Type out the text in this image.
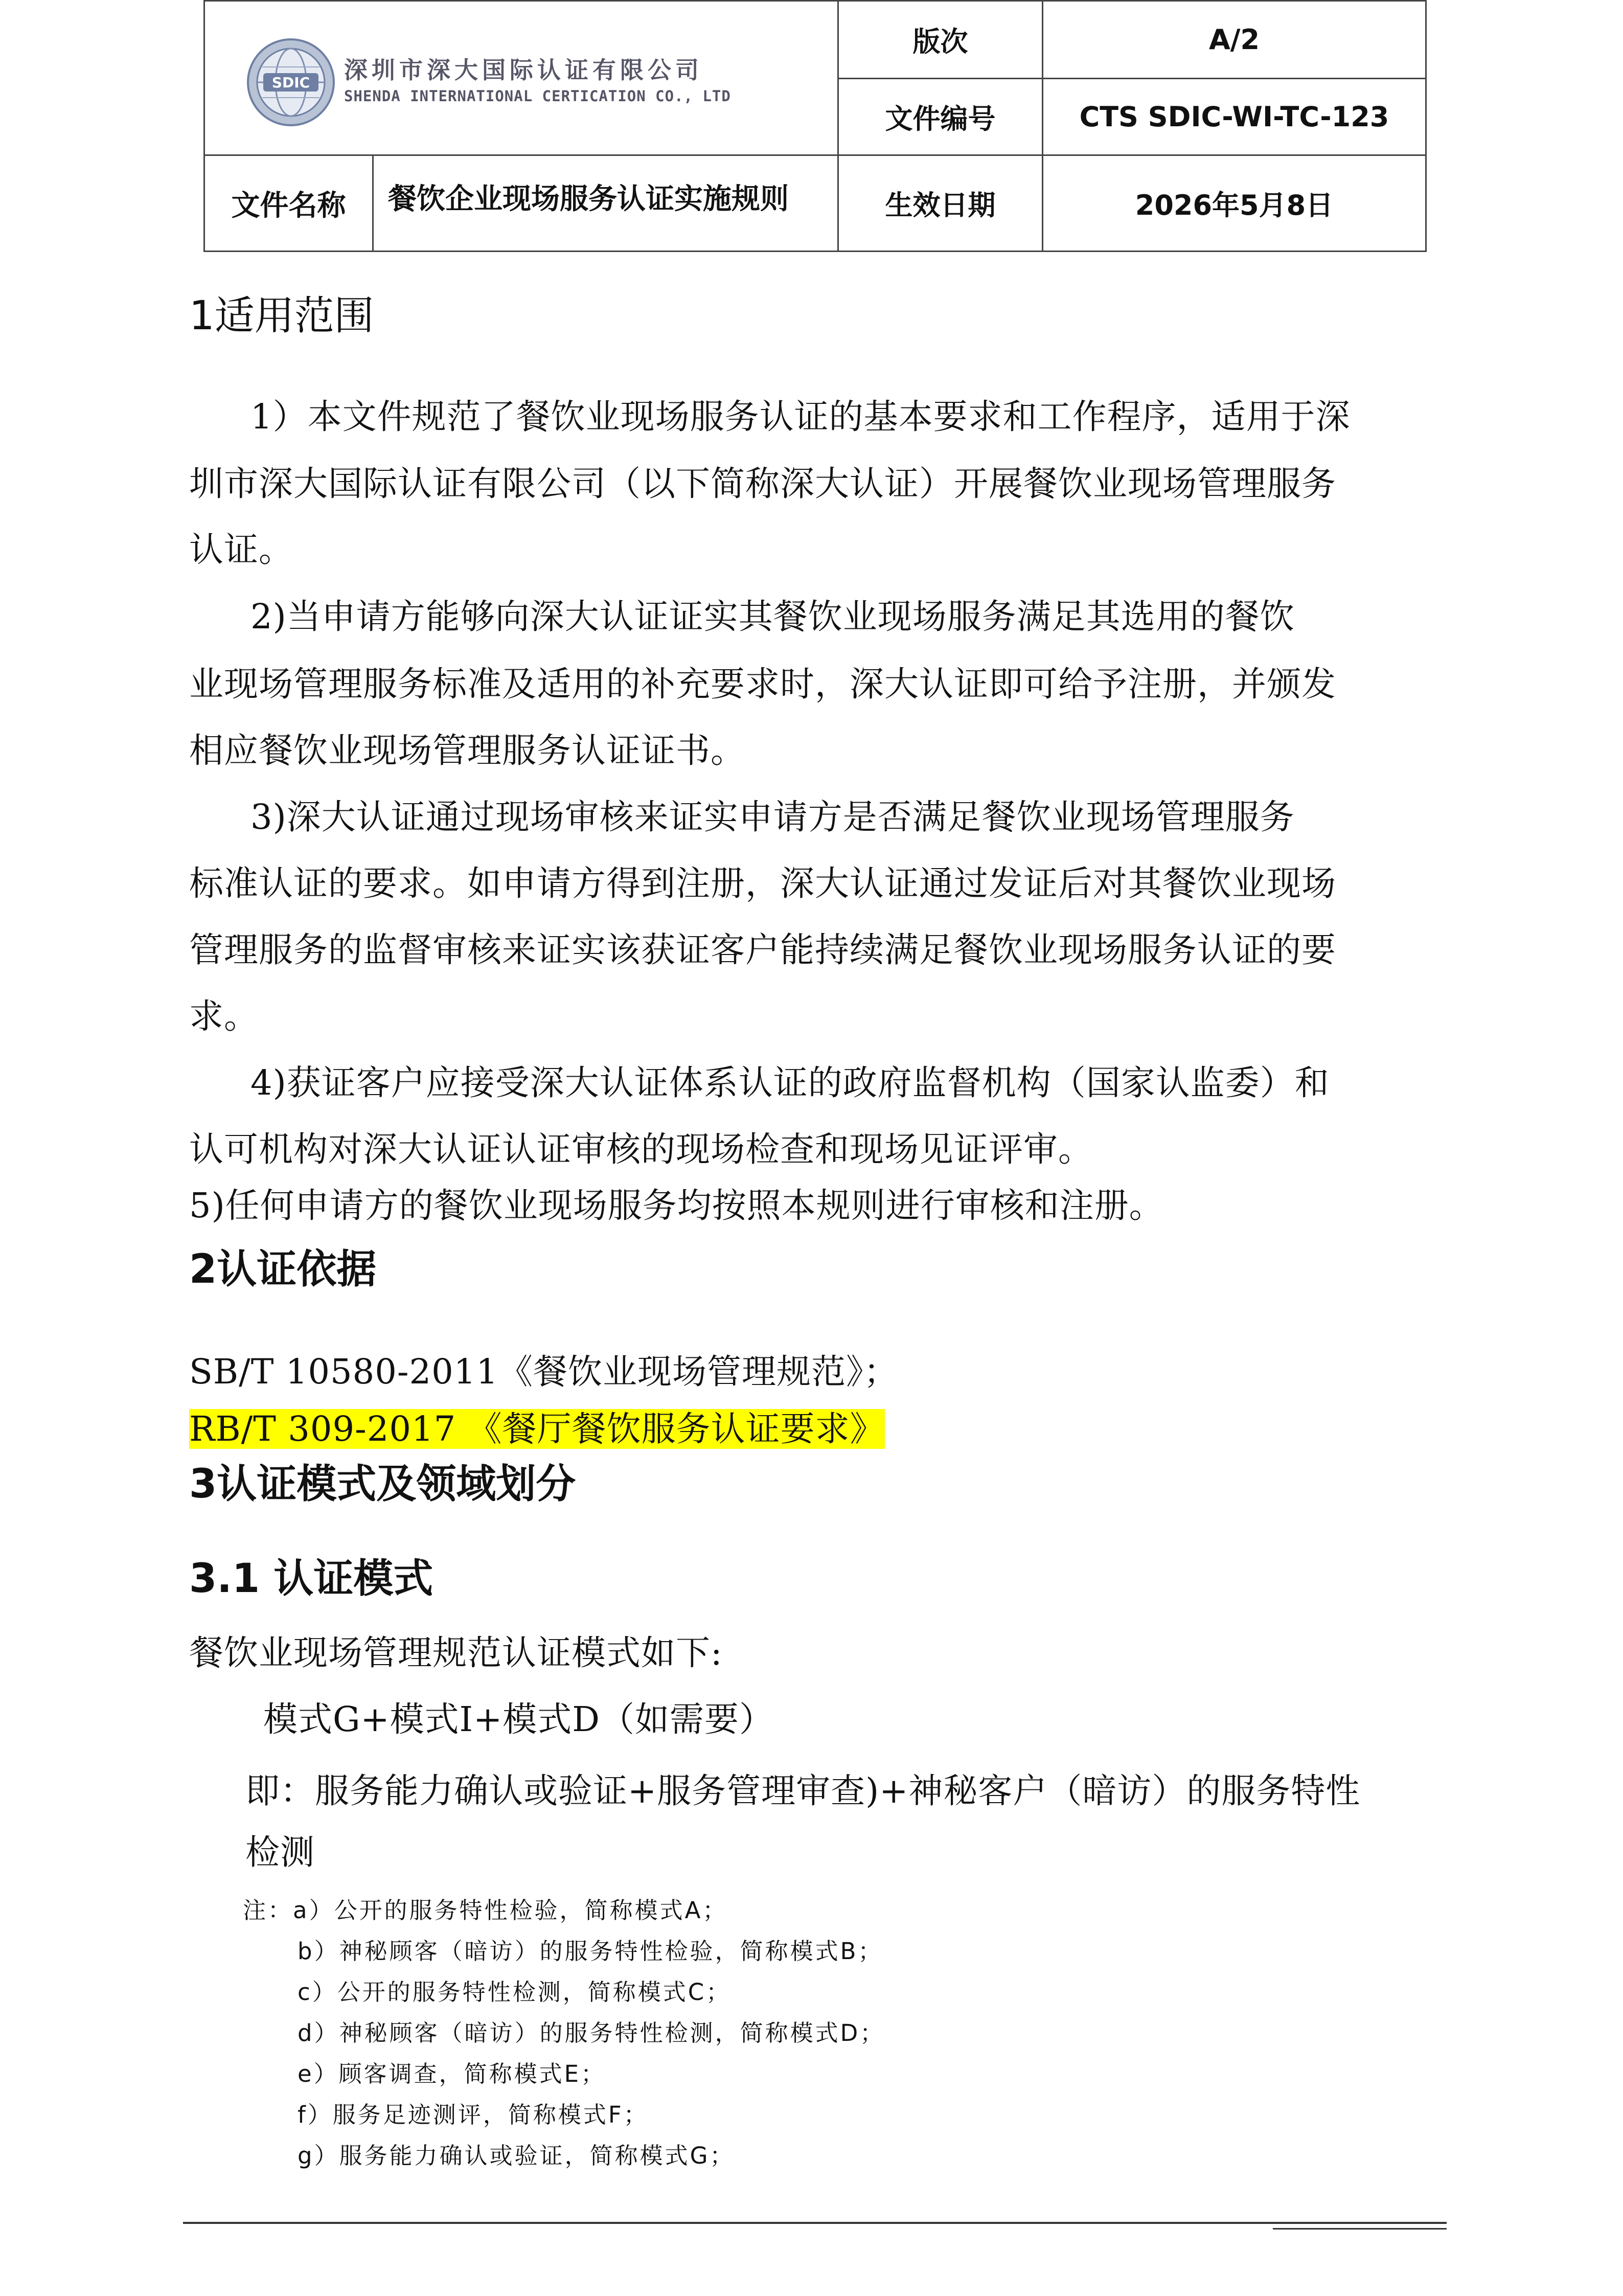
SDIC 深圳市深大国际认证有限公司
SHENDA INTERNATIONAL CERTICATION CO., LTD		版次	A/2
		文件编号	CTS SDIC-WI-TC-123
文件名称	餐饮企业现场服务认证实施规则	生效日期	2026年5月8日
1适用范围
1）本文件规范了餐饮业现场服务认证的基本要求和工作程序，适用于深
圳市深大国际认证有限公司（以下简称深大认证）开展餐饮业现场管理服务
认证。
2)当申请方能够向深大认证证实其餐饮业现场服务满足其选用的餐饮
业现场管理服务标准及适用的补充要求时，深大认证即可给予注册，并颁发
相应餐饮业现场管理服务认证证书。
3)深大认证通过现场审核来证实申请方是否满足餐饮业现场管理服务
标准认证的要求。如申请方得到注册，深大认证通过发证后对其餐饮业现场
管理服务的监督审核来证实该获证客户能持续满足餐饮业现场服务认证的要
求。
4)获证客户应接受深大认证体系认证的政府监督机构（国家认监委）和
认可机构对深大认证认证审核的现场检查和现场见证评审。
5)任何申请方的餐饮业现场服务均按照本规则进行审核和注册。
2认证依据
SB/T 10580-2011《餐饮业现场管理规范》；
RB/T 309-2017 《餐厅餐饮服务认证要求》
3认证模式及领域划分
3.1 认证模式
餐饮业现场管理规范认证模式如下:
模式G+模式I+模式D（如需要）
即：服务能力确认或验证+服务管理审查)+神秘客户（暗访）的服务特性
检测
注：a）公开的服务特性检验，简称模式A；
b）神秘顾客（暗访）的服务特性检验，简称模式B；
c）公开的服务特性检测，简称模式C；
d）神秘顾客（暗访）的服务特性检测，简称模式D；
e）顾客调查，简称模式E；
f）服务足迹测评，简称模式F；
g）服务能力确认或验证，简称模式G；
